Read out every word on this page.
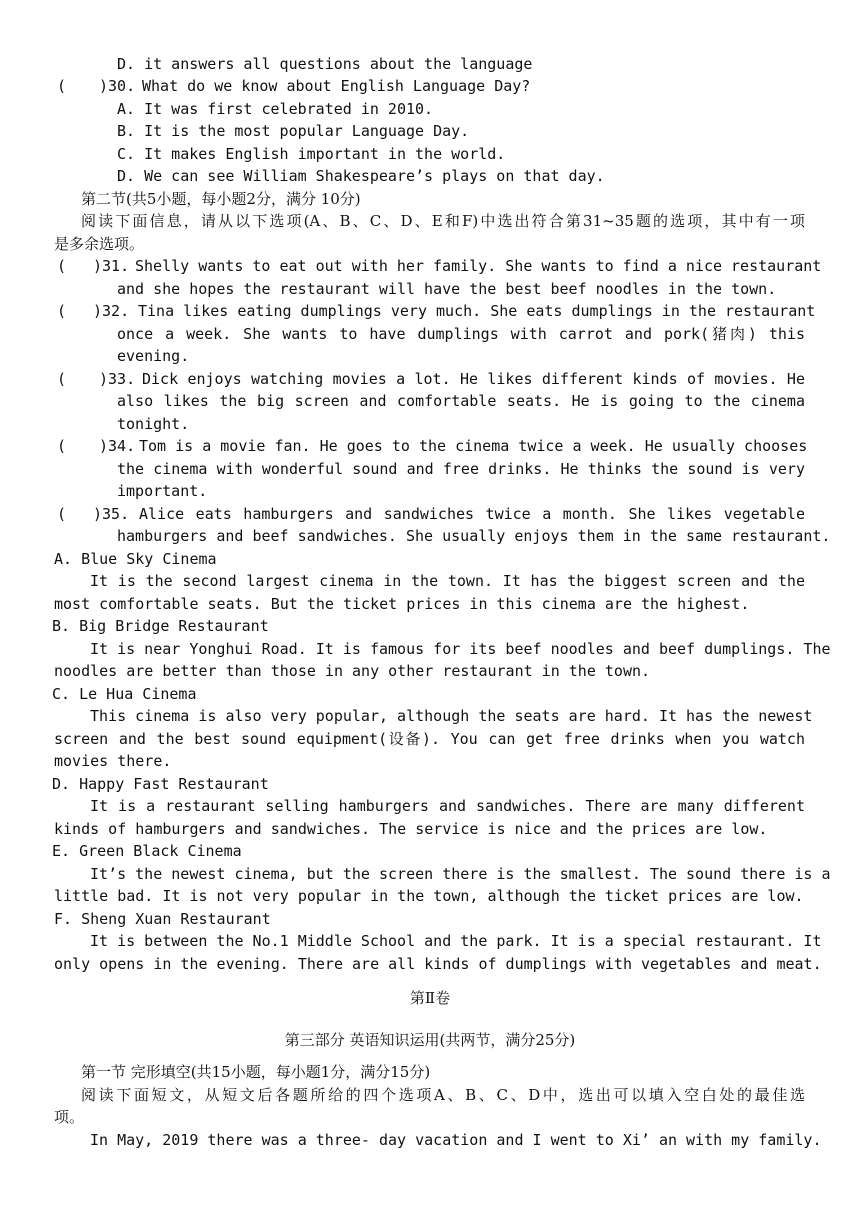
D. it answers all questions about the language
( )30. What do we know about English Language Day?
A. It was first celebrated in 2010.
B. It is the most popular Language Day.
C. It makes English important in the world.
D. We can see William Shakespeare’s plays on that day.
第二节(共5小题，每小题2分，满分 10分)
阅读下面信息，请从以下选项(A、B、C、D、E和F)中选出符合第31~35题的选项，其中有一项
是多余选项。
( )31. Shelly wants to eat out with her family. She wants to find a nice restaurant
and she hopes the restaurant will have the best beef noodles in the town.
( )32. Tina likes eating dumplings very much. She eats dumplings in the restaurant
once a week. She wants to have dumplings with carrot and pork(猪肉) this
evening.
( )33. Dick enjoys watching movies a lot. He likes different kinds of movies. He
also likes the big screen and comfortable seats. He is going to the cinema
tonight.
( )34. Tom is a movie fan. He goes to the cinema twice a week. He usually chooses
the cinema with wonderful sound and free drinks. He thinks the sound is very
important.
( )35. Alice eats hamburgers and sandwiches twice a month. She likes vegetable
hamburgers and beef sandwiches. She usually enjoys them in the same restaurant.
A. Blue Sky Cinema
It is the second largest cinema in the town. It has the biggest screen and the
most comfortable seats. But the ticket prices in this cinema are the highest.
B. Big Bridge Restaurant
It is near Yonghui Road. It is famous for its beef noodles and beef dumplings. The
noodles are better than those in any other restaurant in the town.
C. Le Hua Cinema
This cinema is also very popular, although the seats are hard. It has the newest
screen and the best sound equipment(设备). You can get free drinks when you watch
movies there.
D. Happy Fast Restaurant
It is a restaurant selling hamburgers and sandwiches. There are many different
kinds of hamburgers and sandwiches. The service is nice and the prices are low.
E. Green Black Cinema
It’s the newest cinema, but the screen there is the smallest. The sound there is a
little bad. It is not very popular in the town, although the ticket prices are low.
F. Sheng Xuan Restaurant
It is between the No.1 Middle School and the park. It is a special restaurant. It
only opens in the evening. There are all kinds of dumplings with vegetables and meat.
第Ⅱ卷
第三部分 英语知识运用(共两节，满分25分)
第一节 完形填空(共15小题，每小题1分，满分15分)
阅读下面短文，从短文后各题所给的四个选项A、B、C、D中，选出可以填入空白处的最佳选
项。
In May, 2019 there was a three- day vacation and I went to Xi’ an with my family.
